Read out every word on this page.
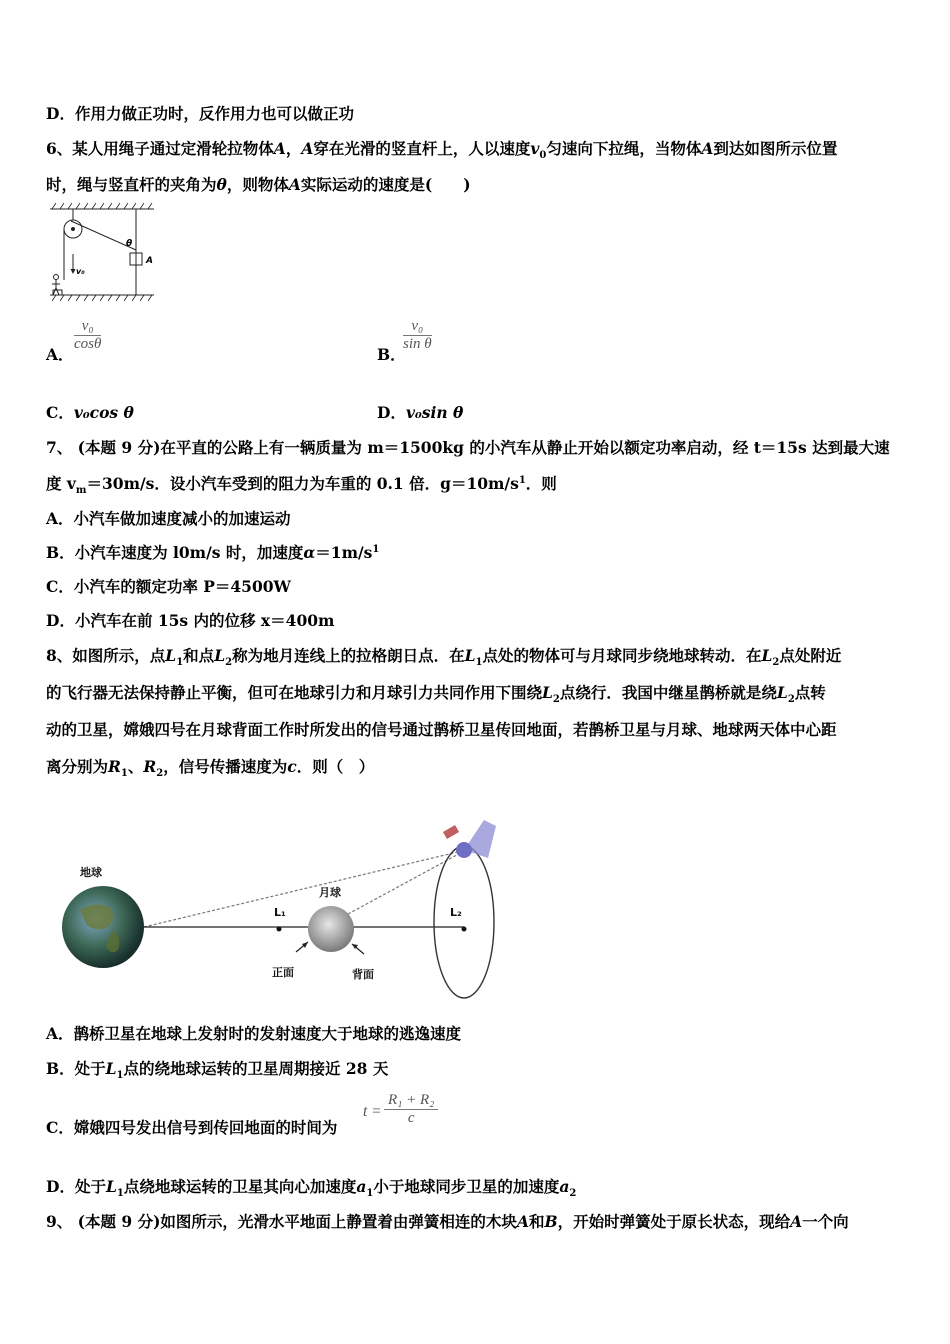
D．作用力做正功时，反作用力也可以做正功
6、某人用绳子通过定滑轮拉物体A，A穿在光滑的竖直杆上，人以速度$v_0$匀速向下拉绳，当物体A到达如图所示位置
时，绳与竖直杆的夹角为θ，则物体A实际运动的速度是(　　)
θ
A
v₀
A．
$\frac{\text{v₀}}{\cos\theta}$
B．
$\frac{\text{v₀}}{\text{sin θ}}$
C．v₀cos θ	D．v₀sin θ
7、 (本题 9 分)在平直的公路上有一辆质量为 m＝1500kg 的小汽车从静止开始以额定功率启动，经 t＝15s 达到最大速
度 $v_m=30m/s$．设小汽车受到的阻力为车重的 0.1 倍．$g=10m/s^1$．则
A．小汽车做加速度减小的加速运动
B．小汽车速度为 l0m/s 时，加速度$\alpha=1m/s^1$
C．小汽车的额定功率 P＝4500W
D．小汽车在前 15s 内的位移 x＝400m
8、如图所示，点$L_1$和点$L_2$称为地月连线上的拉格朗日点．在$L_1$点处的物体可与月球同步绕地球转动．在$L_2$点处附近
的飞行器无法保持静止平衡，但可在地球引力和月球引力共同作用下围绕$L_2$点绕行．我国中继星鹊桥就是绕$L_2$点转
动的卫星，嫦娥四号在月球背面工作时所发出的信号通过鹊桥卫星传回地面，若鹊桥卫星与月球、地球两天体中心距
离分别为$R_1$、$R_2$，信号传播速度为c．则（　）
地球
月球
L₁	L₂
正面	背面
A．鹊桥卫星在地球上发射时的发射速度大于地球的逃逸速度
B．处于$L_1$点的绕地球运转的卫星周期接近 28 天
C．嫦娥四号发出信号到传回地面的时间为
$t = \frac{\text{R₁ + R₂}}{c}$
D．处于$L_1$点绕地球运转的卫星其向心加速度$a_1$小于地球同步卫星的加速度$a_2$
9、 (本题 9 分)如图所示，光滑水平地面上静置着由弹簧相连的木块A和B，开始时弹簧处于原长状态，现给A一个向
